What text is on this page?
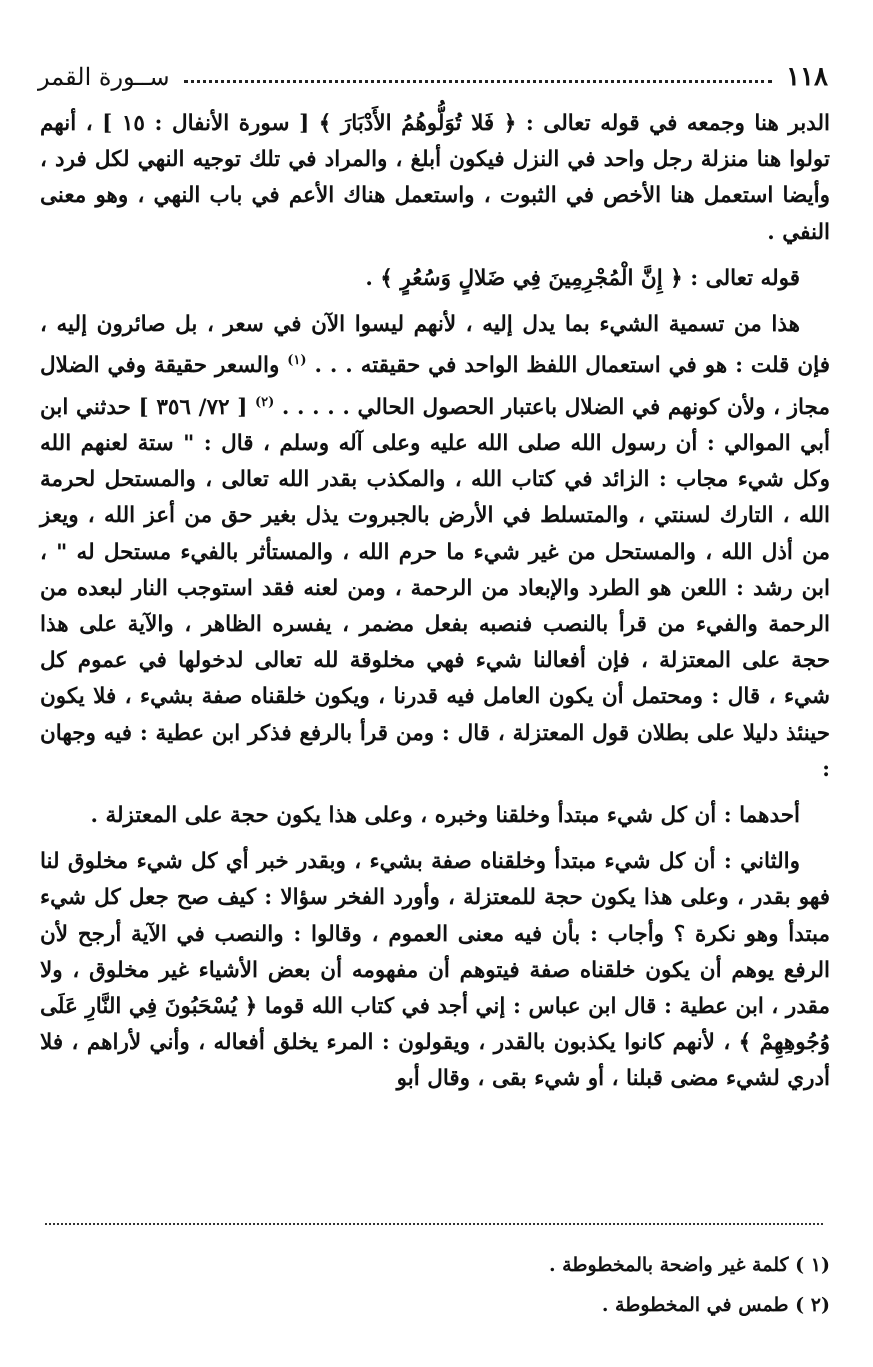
١١٨
ســورة القمر

الدبر هنا وجمعه في قوله تعالى : ﴿ فَلا تُوَلُّوهُمُ الأَدْبَارَ ﴾ [ سورة الأنفال : ١٥ ] ، أنهم تولوا هنا منزلة رجل واحد في النزل فيكون أبلغ ، والمراد في تلك توجيه النهي لكل فرد ، وأيضا استعمل هنا الأخص في الثبوت ، واستعمل هناك الأعم في باب النهي ، وهو معنى النفي .

قوله تعالى : ﴿ إِنَّ الْمُجْرِمِينَ فِي ضَلالٍ وَسُعُرٍ ﴾ .

هذا من تسمية الشيء بما يدل إليه ، لأنهم ليسوا الآن في سعر ، بل صائرون إليه ، فإن قلت : هو في استعمال اللفظ الواحد في حقيقته . . . $^{(١)}$ والسعر حقيقة وفي الضلال مجاز ، ولأن كونهم في الضلال باعتبار الحصول الحالي . . . . . $^{(٢)}$ [ ٧٢/ ٣٥٦ ] حدثني ابن أبي الموالي : أن رسول الله صلى الله عليه وعلى آله وسلم ، قال : " ستة لعنهم الله وكل شيء مجاب : الزائد في كتاب الله ، والمكذب بقدر الله تعالى ، والمستحل لحرمة الله ، التارك لسنتي ، والمتسلط في الأرض بالجبروت يذل بغير حق من أعز الله ، ويعز من أذل الله ، والمستحل من غير شيء ما حرم الله ، والمستأثر بالفيء مستحل له " ، ابن رشد : اللعن هو الطرد والإبعاد من الرحمة ، ومن لعنه فقد استوجب النار لبعده من الرحمة والفيء من قرأ بالنصب فنصبه بفعل مضمر ، يفسره الظاهر ، والآية على هذا حجة على المعتزلة ، فإن أفعالنا شيء فهي مخلوقة لله تعالى لدخولها في عموم كل شيء ، قال : ومحتمل أن يكون العامل فيه قدرنا ، ويكون خلقناه صفة بشيء ، فلا يكون حينئذ دليلا على بطلان قول المعتزلة ، قال : ومن قرأ بالرفع فذكر ابن عطية : فيه وجهان :

أحدهما : أن كل شيء مبتدأ وخلقنا وخبره ، وعلى هذا يكون حجة على المعتزلة .

والثاني : أن كل شيء مبتدأ وخلقناه صفة بشيء ، وبقدر خبر أي كل شيء مخلوق لنا فهو بقدر ، وعلى هذا يكون حجة للمعتزلة ، وأورد الفخر سؤالا : كيف صح جعل كل شيء مبتدأ وهو نكرة ؟ وأجاب : بأن فيه معنى العموم ، وقالوا : والنصب في الآية أرجح لأن الرفع يوهم أن يكون خلقناه صفة فيتوهم أن مفهومه أن بعض الأشياء غير مخلوق ، ولا مقدر ، ابن عطية : قال ابن عباس : إني أجد في كتاب الله قوما ﴿ يُسْحَبُونَ فِي النَّارِ عَلَى وُجُوهِهِمْ ﴾ ، لأنهم كانوا يكذبون بالقدر ، ويقولون : المرء يخلق أفعاله ، وأني لأراهم ، فلا أدري لشيء مضى قبلنا ، أو شيء بقى ، وقال أبو

(١ ) كلمة غير واضحة بالمخطوطة .

(٢ ) طمس في المخطوطة .
